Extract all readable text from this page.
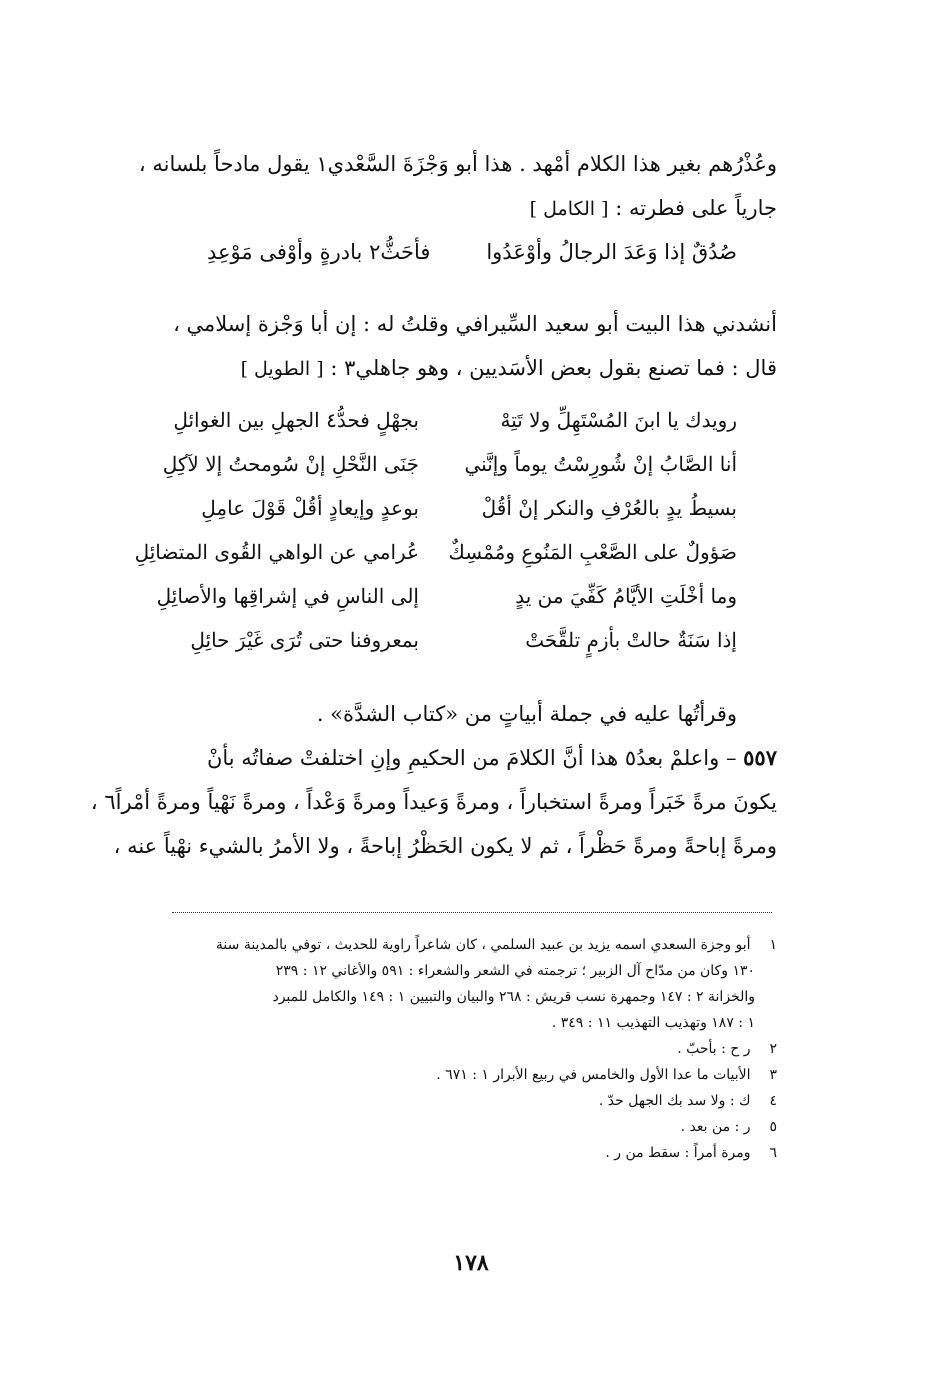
وعُذْرُهم بغير هذا الكلام أمْهد . هذا أبو وَجْزَةَ السَّعْدي١ يقول مادحاً بلسانه ،
جارياً على فطرته : [ الكامل ]

صُدُقٌ إذا وَعَدَ الرجالُ وأوْعَدُوا
فأحَثُّ٢ بادرةٍ وأوْفى مَوْعِدِ

أنشدني هذا البيت أبو سعيد السِّيرافي وقلتُ له : إن أبا وَجْزة إسلامي ،
قال : فما تصنع بقول بعض الأسَديين ، وهو جاهلي٣ : [ الطويل ]

رويدك يا ابنَ المُسْتَهِلِّ ولا تَتِهْ
بجهْلٍ فحدُّ٤ الجهلِ بين الغوائلِ
أنا الصَّابُ إنْ شُورِسْتُ يوماً وإنَّني
جَنَى النَّحْلِ إنْ سُومحتُ إلا لآكِلِ
بسيطُ يدٍ بالعُرْفِ والنكر إنْ أقُلْ
بوعدٍ وإيعادٍ أقُلْ قَوْلَ عامِلِ
صَؤولٌ على الصَّعْبِ المَنُوعِ ومُمْسِكٌ
عُرامي عن الواهي القُوى المتضائِلِ
وما أخْلَتِ الأيَّامُ كَفِّيَ من يدٍ
إلى الناسِ في إشراقِها والأصائِلِ
إذا سَنَةٌ حالتْ بأزمٍ تلقَّحَتْ
بمعروفنا حتى تُرَى غَيْرَ حائِلِ

وقرأتُها عليه في جملة أبياتٍ من «كتاب الشدَّة» .

٥٥٧ – واعلمْ بعدُ٥ هذا أنَّ الكلامَ من الحكيمِ وإنِ اختلفتْ صفاتُه بأنْ
يكونَ مرةً خَبَراً ومرةً استخباراً ، ومرةً وَعيداً ومرةً وَعْداً ، ومرةً نَهْياً ومرةً أمْراً٦ ،
ومرةً إباحةً ومرةً حَظْراً ، ثم لا يكون الحَظْرُ إباحةً ، ولا الأمرُ بالشيء نهْياً عنه ،

١ أبو وجزة السعدي اسمه يزيد بن عبيد السلمي ، كان شاعراً راوية للحديث ، توفي بالمدينة سنة
١٣٠ وكان من مدّاح آل الزبير ؛ ترجمته في الشعر والشعراء : ٥٩١ والأغاني ١٢ : ٢٣٩
والخزانة ٢ : ١٤٧ وجمهرة نسب قريش : ٢٦٨ والبيان والتبيين ١ : ١٤٩ والكامل للمبرد
١ : ١٨٧ وتهذيب التهذيب ١١ : ٣٤٩ .
٢ ر ح : بأحبّ .
٣ الأبيات ما عدا الأول والخامس في ربيع الأبرار ١ : ٦٧١ .
٤ ك : ولا سد بك الجهل حدّ .
٥ ر : من بعد .
٦ ومرة أمراً : سقط من ر .
١٧٨
